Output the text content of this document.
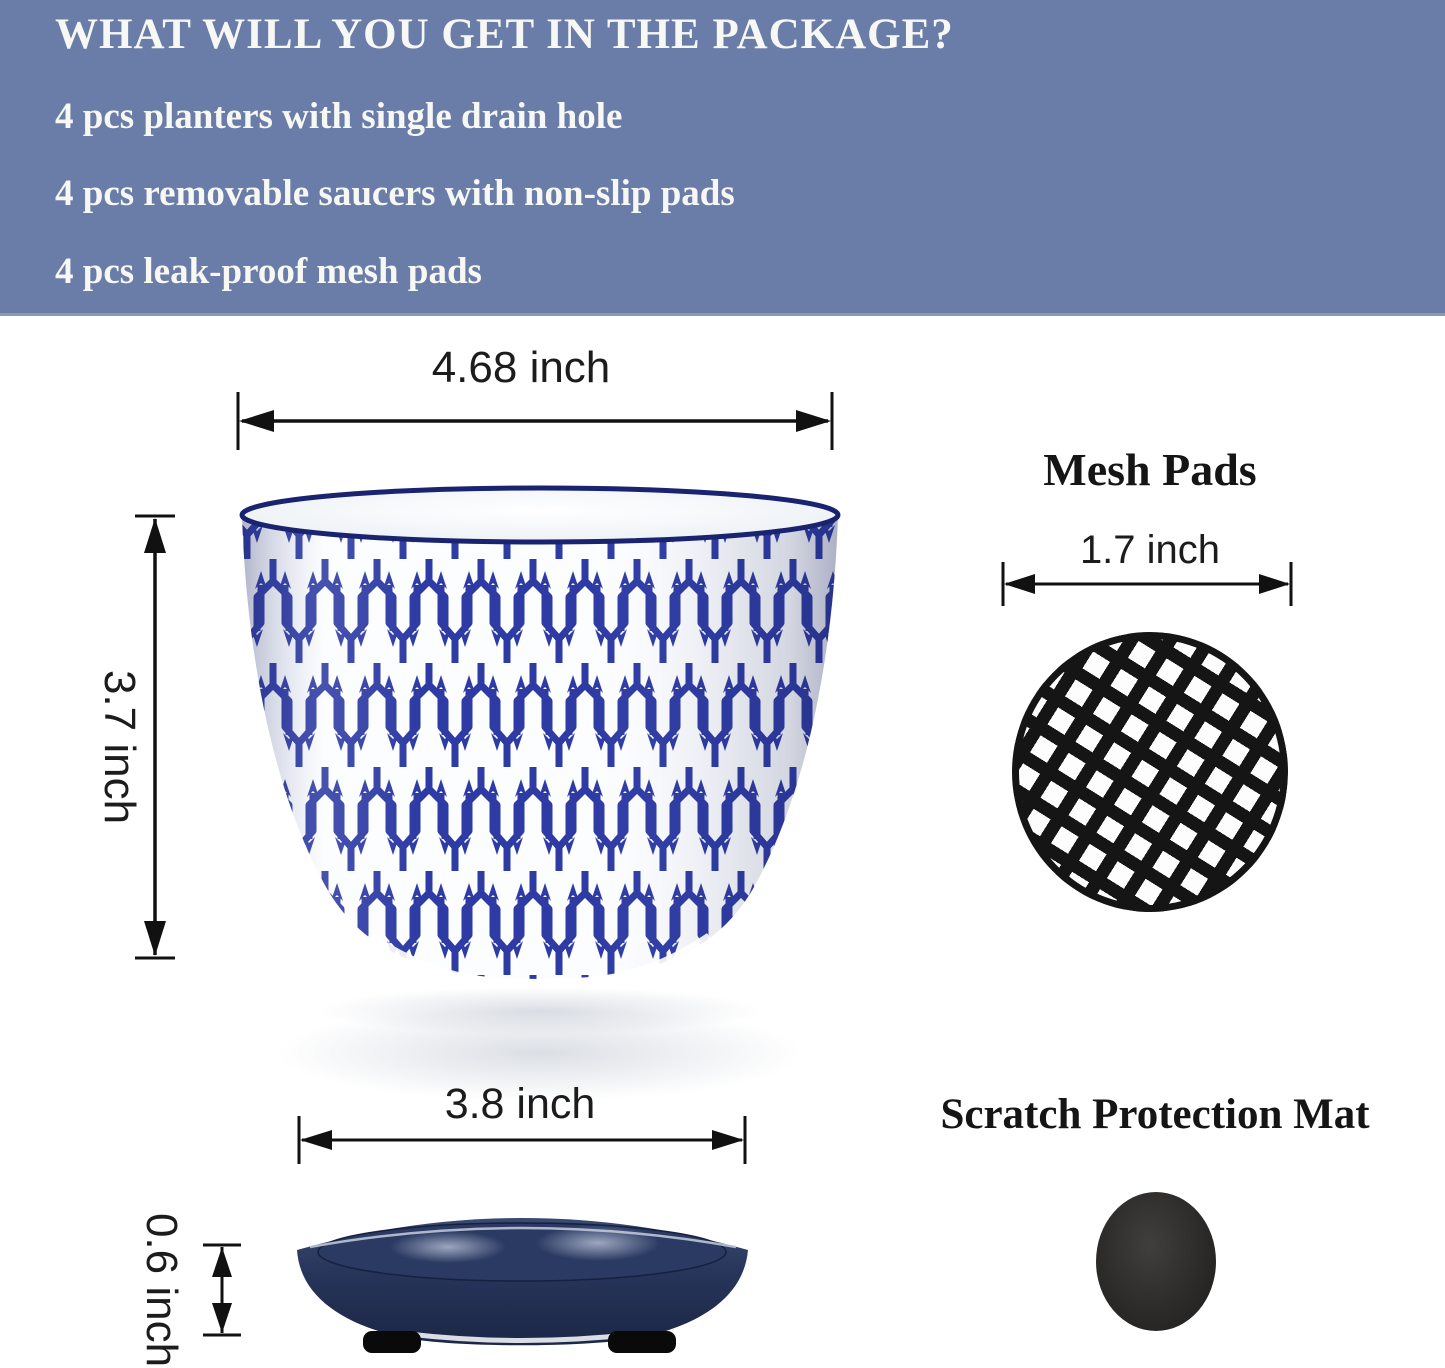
WHAT WILL YOU GET IN THE PACKAGE?
4 pcs planters with single drain hole
4 pcs removable saucers with non-slip pads
4 pcs leak-proof mesh pads
4.68 inch
3.7 inch
Mesh Pads
1.7 inch
3.8 inch
0.6 inch
Scratch Protection Mat
